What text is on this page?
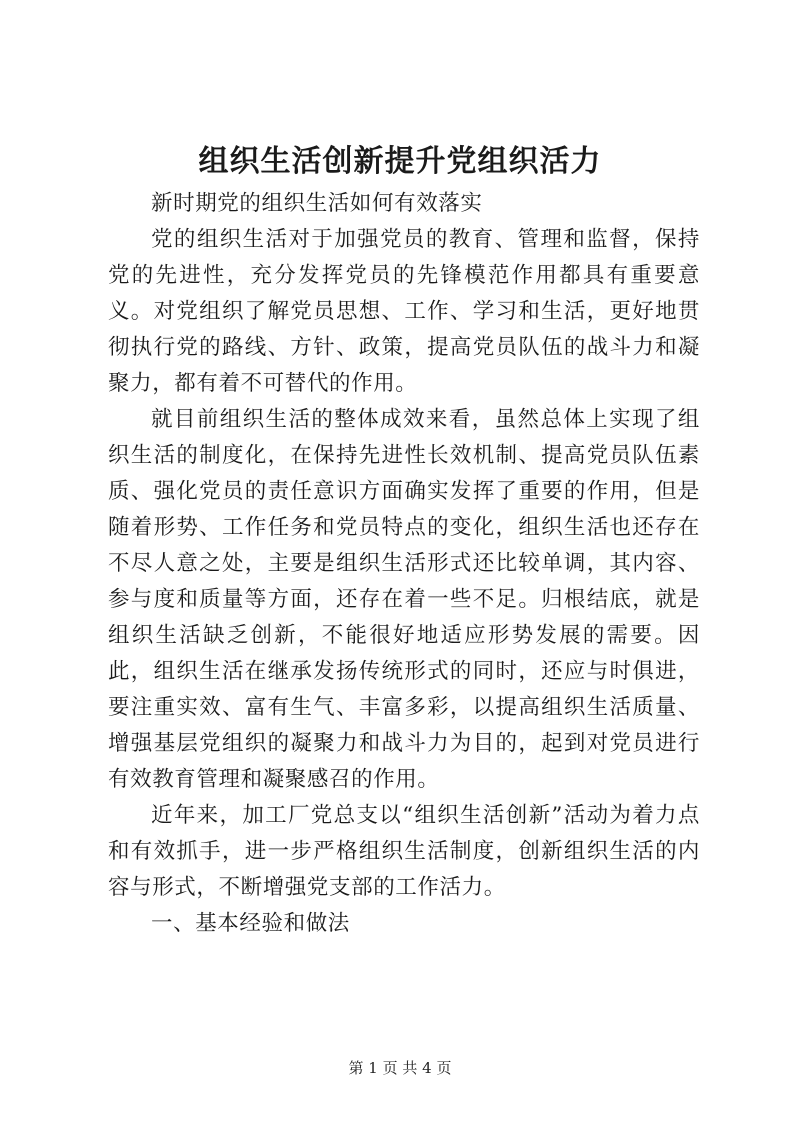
组织生活创新提升党组织活力

新时期党的组织生活如何有效落实

党的组织生活对于加强党员的教育、管理和监督，保持党的先进性，充分发挥党员的先锋模范作用都具有重要意义。对党组织了解党员思想、工作、学习和生活，更好地贯彻执行党的路线、方针、政策，提高党员队伍的战斗力和凝聚力，都有着不可替代的作用。

就目前组织生活的整体成效来看，虽然总体上实现了组织生活的制度化，在保持先进性长效机制、提高党员队伍素质、强化党员的责任意识方面确实发挥了重要的作用，但是随着形势、工作任务和党员特点的变化，组织生活也还存在不尽人意之处，主要是组织生活形式还比较单调，其内容、参与度和质量等方面，还存在着一些不足。归根结底，就是组织生活缺乏创新，不能很好地适应形势发展的需要。因此，组织生活在继承发扬传统形式的同时，还应与时俱进，要注重实效、富有生气、丰富多彩，以提高组织生活质量、增强基层党组织的凝聚力和战斗力为目的，起到对党员进行有效教育管理和凝聚感召的作用。

近年来，加工厂党总支以“组织生活创新”活动为着力点和有效抓手，进一步严格组织生活制度，创新组织生活的内容与形式，不断增强党支部的工作活力。

一、基本经验和做法

第 1 页 共 4 页
